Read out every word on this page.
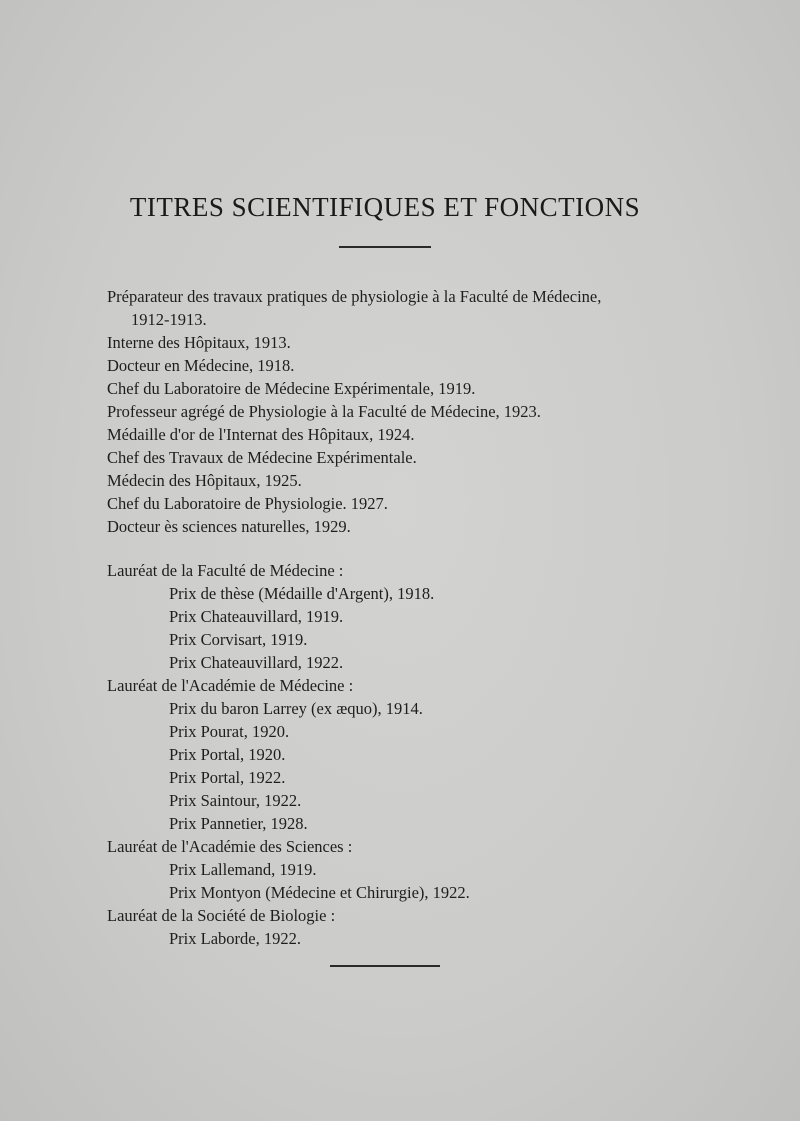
TITRES SCIENTIFIQUES ET FONCTIONS
Préparateur des travaux pratiques de physiologie à la Faculté de Médecine,
1912-1913.
Interne des Hôpitaux, 1913.
Docteur en Médecine, 1918.
Chef du Laboratoire de Médecine Expérimentale, 1919.
Professeur agrégé de Physiologie à la Faculté de Médecine, 1923.
Médaille d'or de l'Internat des Hôpitaux, 1924.
Chef des Travaux de Médecine Expérimentale.
Médecin des Hôpitaux, 1925.
Chef du Laboratoire de Physiologie. 1927.
Docteur ès sciences naturelles, 1929.
Lauréat de la Faculté de Médecine :
Prix de thèse (Médaille d'Argent), 1918.
Prix Chateauvillard, 1919.
Prix Corvisart, 1919.
Prix Chateauvillard, 1922.
Lauréat de l'Académie de Médecine :
Prix du baron Larrey (ex æquo), 1914.
Prix Pourat, 1920.
Prix Portal, 1920.
Prix Portal, 1922.
Prix Saintour, 1922.
Prix Pannetier, 1928.
Lauréat de l'Académie des Sciences :
Prix Lallemand, 1919.
Prix Montyon (Médecine et Chirurgie), 1922.
Lauréat de la Société de Biologie :
Prix Laborde, 1922.
